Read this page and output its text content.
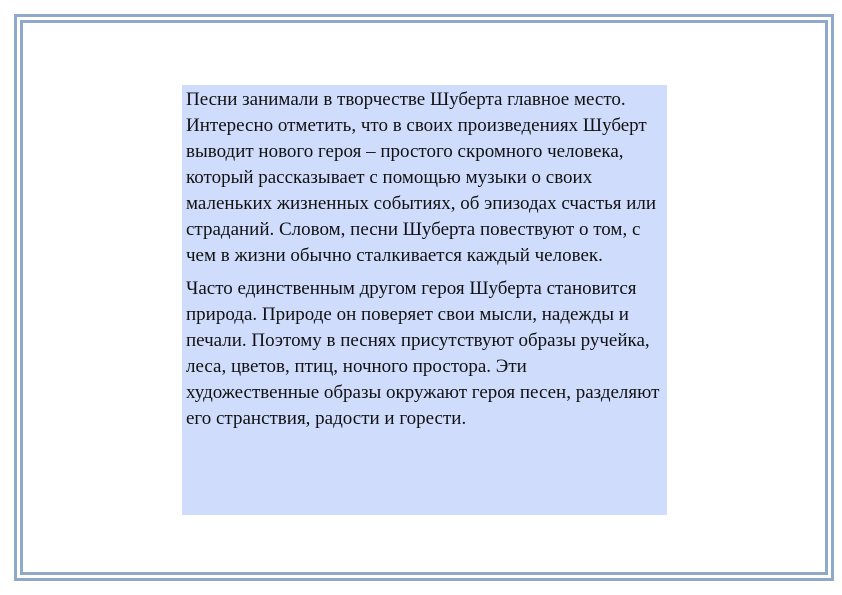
Песни занимали в творчестве Шуберта главное место. Интересно отметить, что в своих произведениях Шуберт выводит нового героя – простого скромного человека, который рассказывает с помощью музыки о своих маленьких жизненных событиях, об эпизодах счастья или страданий. Словом, песни Шуберта повествуют о том, с чем в жизни обычно сталкивается каждый человек.

Часто единственным другом героя Шуберта становится природа. Природе он поверяет свои мысли, надежды и печали. Поэтому в песнях присутствуют образы ручейка, леса, цветов, птиц, ночного простора. Эти художественные образы окружают героя песен, разделяют его странствия, радости и горести.
